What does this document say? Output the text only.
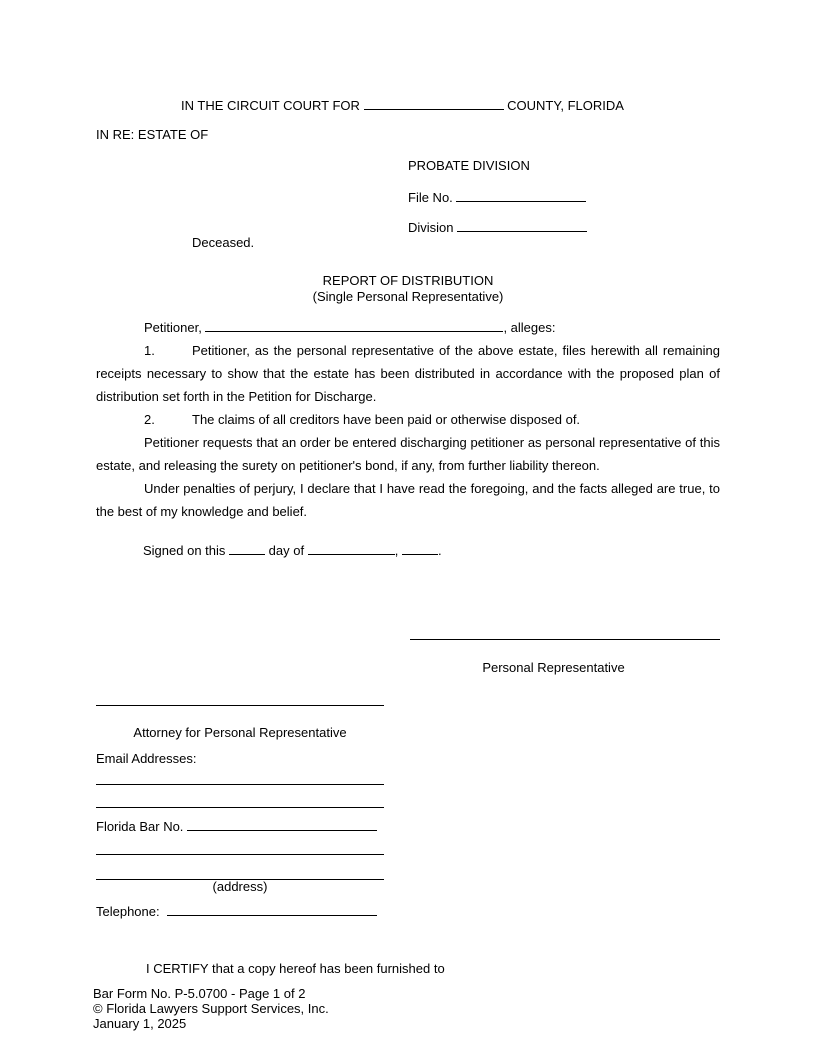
IN THE CIRCUIT COURT FOR	COUNTY, FLORIDA
IN RE: ESTATE OF
PROBATE DIVISION
File No.
Division
Deceased.
REPORT OF DISTRIBUTION
(Single Personal Representative)
Petitioner,	, alleges:
1.	Petitioner, as the personal representative of the above estate, files herewith all remaining receipts necessary to show that the estate has been distributed in accordance with the proposed plan of distribution set forth in the Petition for Discharge.
2.	The claims of all creditors have been paid or otherwise disposed of.
Petitioner requests that an order be entered discharging petitioner as personal representative of this estate, and releasing the surety on petitioner's bond, if any, from further liability thereon.
Under penalties of perjury, I declare that I have read the foregoing, and the facts alleged are true, to the best of my knowledge and belief.
Signed on this	day of	,	.
Personal Representative
Attorney for Personal Representative
Email Addresses:
Florida Bar No.
(address)
Telephone:
I CERTIFY that a copy hereof has been furnished to
Bar Form No. P-5.0700 - Page 1 of 2
© Florida Lawyers Support Services, Inc.
January 1, 2025
